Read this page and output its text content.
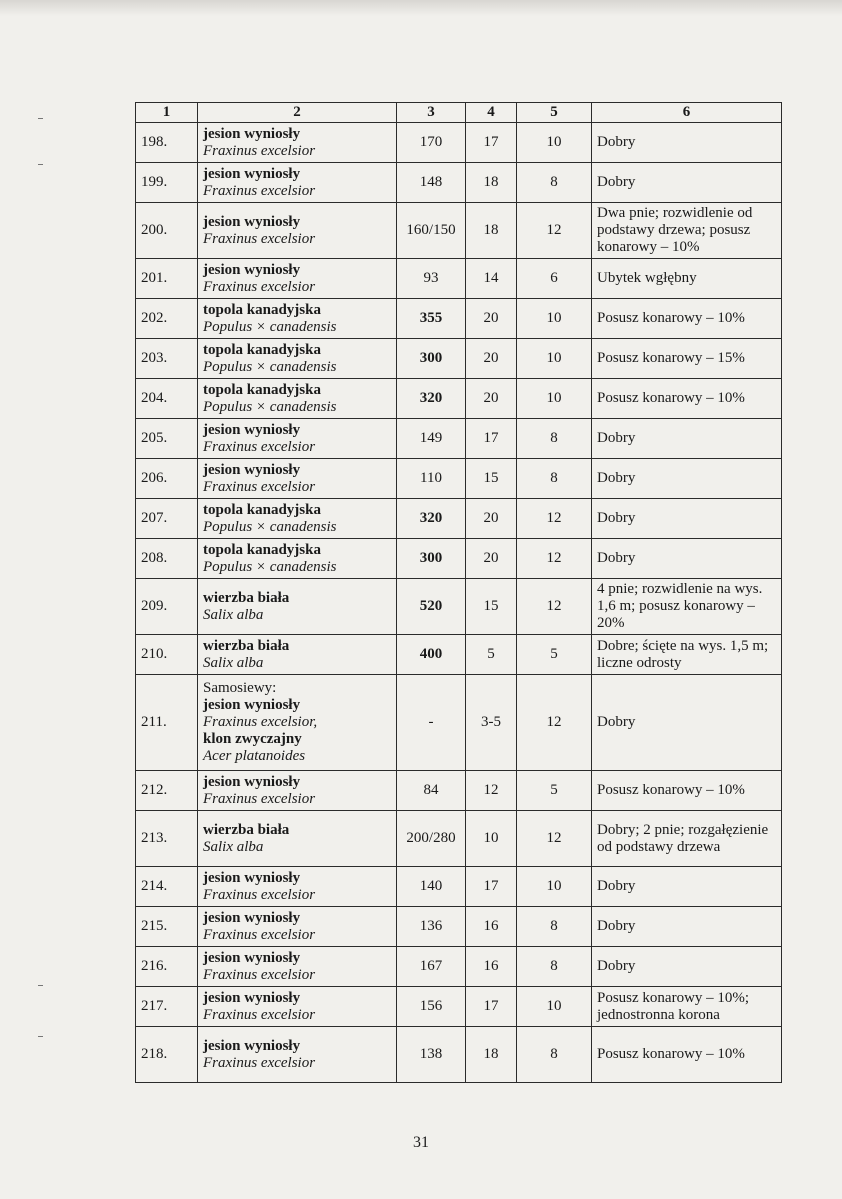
1	2	3	4	5	6
198.	jesion wyniosły
Fraxinus excelsior	170	17	10	Dobry
199.	jesion wyniosły
Fraxinus excelsior	148	18	8	Dobry
200.	jesion wyniosły
Fraxinus excelsior	160/150	18	12	Dwa pnie; rozwidlenie od podstawy drzewa; posusz konarowy – 10%
201.	jesion wyniosły
Fraxinus excelsior	93	14	6	Ubytek wgłębny
202.	topola kanadyjska
Populus × canadensis	355	20	10	Posusz konarowy – 10%
203.	topola kanadyjska
Populus × canadensis	300	20	10	Posusz konarowy – 15%
204.	topola kanadyjska
Populus × canadensis	320	20	10	Posusz konarowy – 10%
205.	jesion wyniosły
Fraxinus excelsior	149	17	8	Dobry
206.	jesion wyniosły
Fraxinus excelsior	110	15	8	Dobry
207.	topola kanadyjska
Populus × canadensis	320	20	12	Dobry
208.	topola kanadyjska
Populus × canadensis	300	20	12	Dobry
209.	wierzba biała
Salix alba	520	15	12	4 pnie; rozwidlenie na wys. 1,6 m; posusz konarowy – 20%
210.	wierzba biała
Salix alba	400	5	5	Dobre; ścięte na wys. 1,5 m; liczne odrosty
211.	Samosiewy:
jesion wyniosły
Fraxinus excelsior,
klon zwyczajny
Acer platanoides	-	3-5	12	Dobry
212.	jesion wyniosły
Fraxinus excelsior	84	12	5	Posusz konarowy – 10%
213.	wierzba biała
Salix alba	200/280	10	12	Dobry; 2 pnie; rozgałęzienie od podstawy drzewa
214.	jesion wyniosły
Fraxinus excelsior	140	17	10	Dobry
215.	jesion wyniosły
Fraxinus excelsior	136	16	8	Dobry
216.	jesion wyniosły
Fraxinus excelsior	167	16	8	Dobry
217.	jesion wyniosły
Fraxinus excelsior	156	17	10	Posusz konarowy – 10%; jednostronna korona
218.	jesion wyniosły
Fraxinus excelsior	138	18	8	Posusz konarowy – 10%
31
